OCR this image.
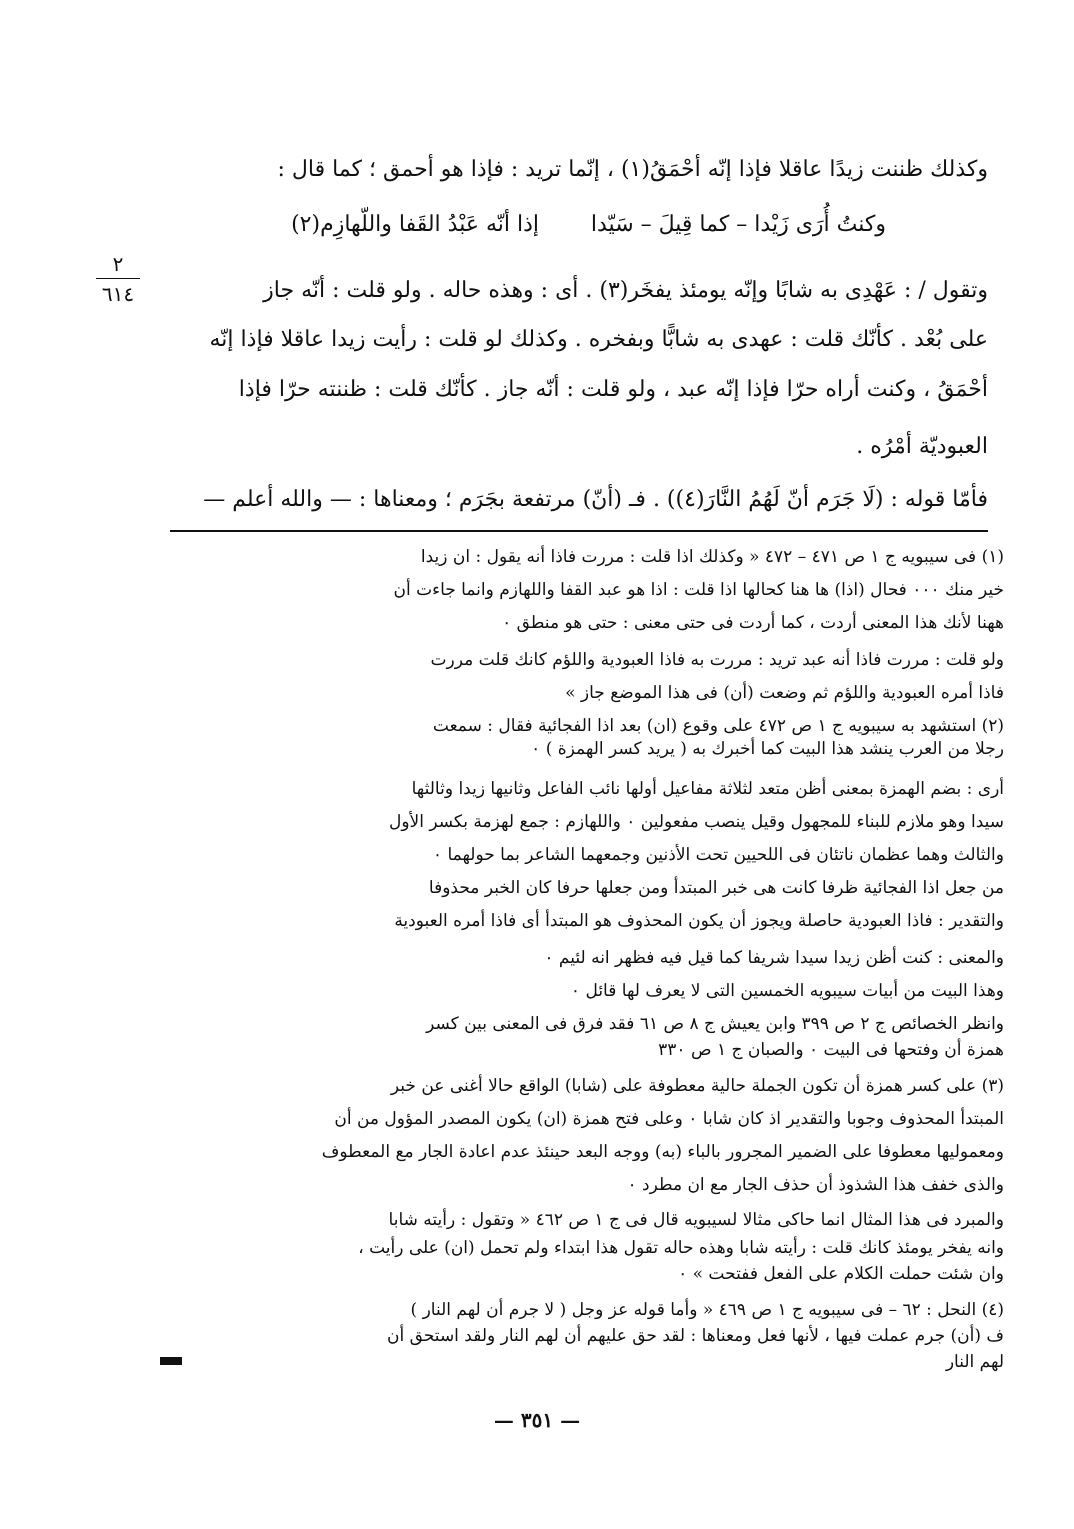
وكذلك ظننت زيدًا عاقلا فإذا إنّه أحْمَقُ(١) ، إنّما تريد : فإذا هو أحمق ؛ كما قال :
وكنتُ أُرَى زَيْدا – كما قِيلَ – سَيّدا
إذا أنّه عَبْدُ القَفا واللّهازِم(٢)
٢
٦١٤	وتقول / : عَهْدِى به شابًا وإنّه يومئذ يفخَر(٣) . أى : وهذه حاله . ولو قلت : أنّه جاز
على بُعْد . كأنّك قلت : عهدى به شابًّا وبفخره . وكذلك لو قلت : رأيت زيدا عاقلا فإذا إنّه
أحْمَقُ ، وكنت أراه حرّا فإذا إنّه عبد ، ولو قلت : أنّه جاز . كأنّك قلت : ظننته حرّا فإذا
العبوديّة أمْرُه .
فأمّا قوله : (لَا جَرَم أنّ لَهُمُ النَّارَ(٤)) . فـ (أنّ) مرتفعة بجَرَم ؛ ومعناها : — والله أعلم —
(١) فى سيبويه ج ١ ص ٤٧١ – ٤٧٢ « وكذلك اذا قلت : مررت فاذا أنه يقول : ان زيدا
خير منك ٠٠٠ فحال (اذا) ها هنا كحالها اذا قلت : اذا هو عبد القفا واللهازم وانما جاءت أن
ههنا لأنك هذا المعنى أردت ، كما أردت فى حتى معنى : حتى هو منطق ٠
ولو قلت : مررت فاذا أنه عبد تريد : مررت به فاذا العبودية واللؤم كانك قلت مررت
فاذا أمره العبودية واللؤم ثم وضعت (أن) فى هذا الموضع جاز »
(٢) استشهد به سيبويه ج ١ ص ٤٧٢ على وقوع (ان) بعد اذا الفجائية فقال : سمعت
رجلا من العرب ينشد هذا البيت كما أخبرك به ( يريد كسر الهمزة ) ٠
أرى : بضم الهمزة بمعنى أظن متعد لثلاثة مفاعيل أولها نائب الفاعل وثانيها زيدا وثالثها
سيدا وهو ملازم للبناء للمجهول وقيل ينصب مفعولين ٠ واللهازم : جمع لهزمة بكسر الأول
والثالث وهما عظمان ناتئان فى اللحيين تحت الأذنين وجمعهما الشاعر بما حولهما ٠
من جعل اذا الفجائية ظرفا كانت هى خبر المبتدأ ومن جعلها حرفا كان الخبر محذوفا
والتقدير : فاذا العبودية حاصلة ويجوز أن يكون المحذوف هو المبتدأ أى فاذا أمره العبودية
والمعنى : كنت أظن زيدا سيدا شريفا كما قيل فيه فظهر انه لئيم ٠
وهذا البيت من أبيات سيبويه الخمسين التى لا يعرف لها قائل ٠
وانظر الخصائص ج ٢ ص ٣٩٩ وابن يعيش ج ٨ ص ٦١ فقد فرق فى المعنى بين كسر
همزة أن وفتحها فى البيت ٠ والصبان ج ١ ص ٣٣٠
(٣) على كسر همزة أن تكون الجملة حالية معطوفة على (شابا) الواقع حالا أغنى عن خبر
المبتدأ المحذوف وجوبا والتقدير اذ كان شابا ٠ وعلى فتح همزة (ان) يكون المصدر المؤول من أن
ومعموليها معطوفا على الضمير المجرور بالباء (به) ووجه البعد حينئذ عدم اعادة الجار مع المعطوف
والذى خفف هذا الشذوذ أن حذف الجار مع ان مطرد ٠
والمبرد فى هذا المثال انما حاكى مثالا لسيبويه قال فى ج ١ ص ٤٦٢ « وتقول : رأيته شابا
وانه يفخر يومئذ كانك قلت : رأيته شابا وهذه حاله تقول هذا ابتداء ولم تحمل (ان) على رأيت ،
وان شئت حملت الكلام على الفعل ففتحت » ٠
(٤) النحل : ٦٢ – فى سيبويه ج ١ ص ٤٦٩ « وأما قوله عز وجل ( لا جرم أن لهم النار )
ف (أن) جرم عملت فيها ، لأنها فعل ومعناها : لقد حق عليهم أن لهم النار ولقد استحق أن
لهم النار
— ٣٥١ —
